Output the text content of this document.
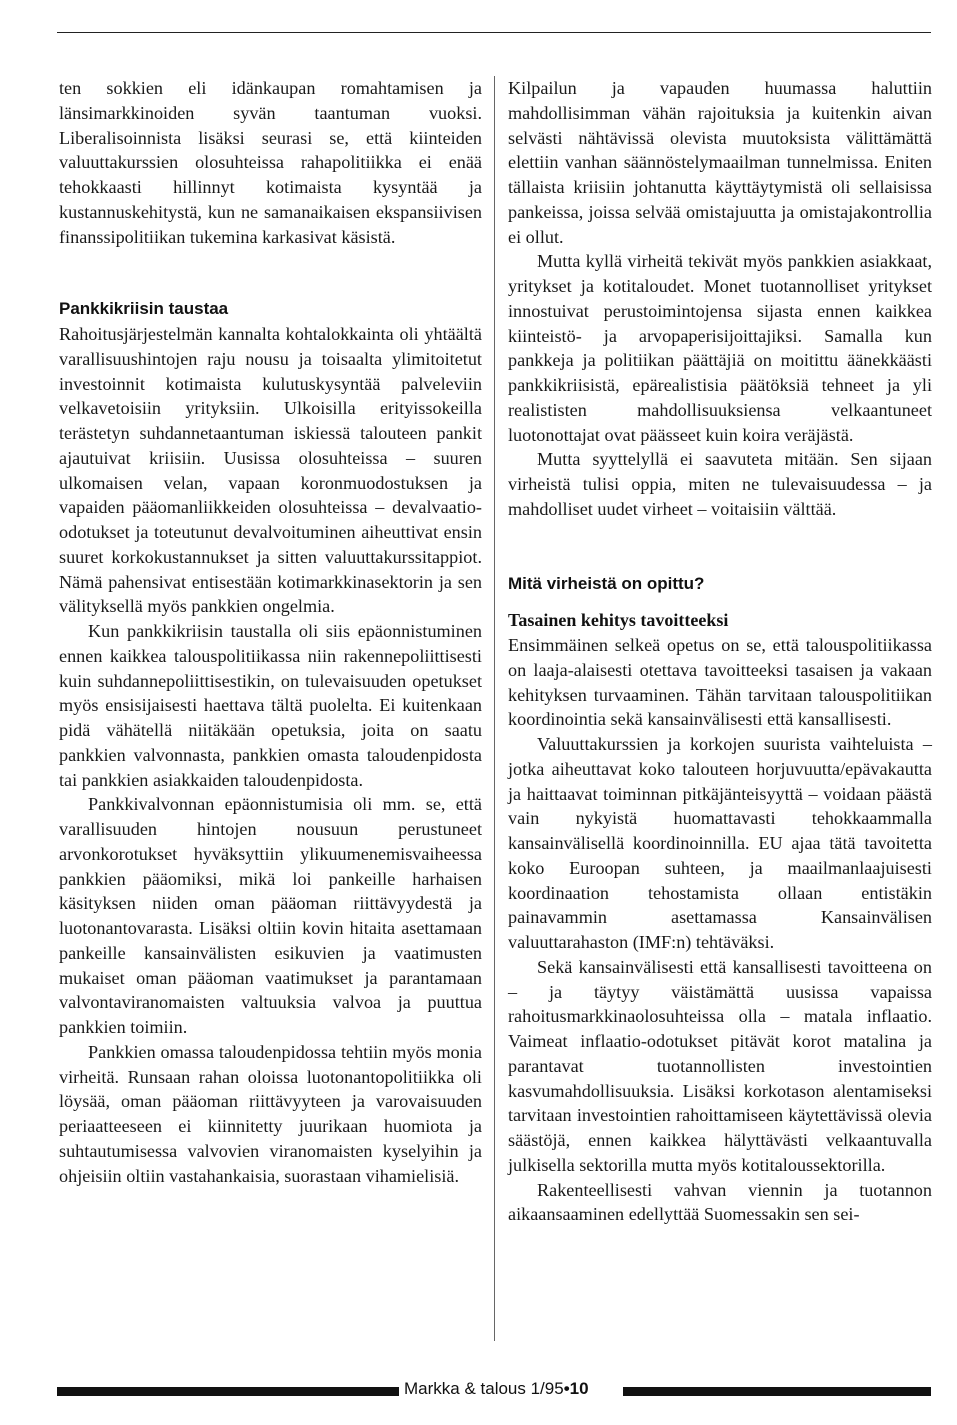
ten sokkien eli idänkaupan romahtamisen ja länsimarkkinoiden syvän taantuman vuoksi. Liberalisoinnista lisäksi seurasi se, että kiinteiden valuuttakurssien olosuhteissa rahapolitiikka ei enää tehokkaasti hillinnyt kotimaista kysyntää ja kustannuskehitystä, kun ne samanaikaisen ekspansiivisen finanssipolitiikan tukemina karkasivat käsistä.

Pankkikriisin taustaa

Rahoitusjärjestelmän kannalta kohtalokkainta oli yhtäältä varallisuushintojen raju nousu ja toisaalta ylimitoitetut investoinnit kotimaista kulutuskysyntää palveleviin velkavetoisiin yrityksiin. Ulkoisilla erityissokeilla terästetyn suhdannetaantuman iskiessä talouteen pankit ajautuivat kriisiin. Uusissa olosuhteissa – suuren ulkomaisen velan, vapaan koronmuodostuksen ja vapaiden pääomanliikkeiden olosuhteissa – devalvaatio-odotukset ja toteutunut devalvoituminen aiheuttivat ensin suuret korkokustannukset ja sitten valuuttakurssitappiot. Nämä pahensivat entisestään kotimarkkinasektorin ja sen välityksellä myös pankkien ongelmia.

Kun pankkikriisin taustalla oli siis epäonnistuminen ennen kaikkea talouspolitiikassa niin rakennepoliittisesti kuin suhdannepoliittisestikin, on tulevaisuuden opetukset myös ensisijaisesti haettava tältä puolelta. Ei kuitenkaan pidä vähätellä niitäkään opetuksia, joita on saatu pankkien valvonnasta, pankkien omasta taloudenpidosta tai pankkien asiakkaiden taloudenpidosta.

Pankkivalvonnan epäonnistumisia oli mm. se, että varallisuuden hintojen nousuun perustuneet arvonkorotukset hyväksyttiin ylikuumenemisvaiheessa pankkien pääomiksi, mikä loi pankeille harhaisen käsityksen niiden oman pääoman riittävyydestä ja luotonantovarasta. Lisäksi oltiin kovin hitaita asettamaan pankeille kansainvälisten esikuvien ja vaatimusten mukaiset oman pääoman vaatimukset ja parantamaan valvontaviranomaisten valtuuksia valvoa ja puuttua pankkien toimiin.

Pankkien omassa taloudenpidossa tehtiin myös monia virheitä. Runsaan rahan oloissa luotonantopolitiikka oli löysää, oman pääoman riittävyyteen ja varovaisuuden periaatteeseen ei kiinnitetty juurikaan huomiota ja suhtautumisessa valvovien viranomaisten kyselyihin ja ohjeisiin oltiin vastahankaisia, suorastaan vihamielisiä.

Kilpailun ja vapauden huumassa haluttiin mahdollisimman vähän rajoituksia ja kuitenkin aivan selvästi nähtävissä olevista muutoksista välittämättä elettiin vanhan säännöstelymaailman tunnelmissa. Eniten tällaista kriisiin johtanutta käyttäytymistä oli sellaisissa pankeissa, joissa selvää omistajuutta ja omistajakontrollia ei ollut.

Mutta kyllä virheitä tekivät myös pankkien asiakkaat, yritykset ja kotitaloudet. Monet tuotannolliset yritykset innostuivat perustoimintojensa sijasta ennen kaikkea kiinteistö- ja arvopaperisijoittajiksi. Samalla kun pankkeja ja politiikan päättäjiä on moitittu äänekkäästi pankkikriisistä, epärealistisia päätöksiä tehneet ja yli realististen mahdollisuuksiensa velkaantuneet luotonottajat ovat päässeet kuin koira veräjästä.

Mutta syyttelyllä ei saavuteta mitään. Sen sijaan virheistä tulisi oppia, miten ne tulevaisuudessa – ja mahdolliset uudet virheet – voitaisiin välttää.

Mitä virheistä on opittu?
Tasainen kehitys tavoitteeksi

Ensimmäinen selkeä opetus on se, että talouspolitiikassa on laaja-alaisesti otettava tavoitteeksi tasaisen ja vakaan kehityksen turvaaminen. Tähän tarvitaan talouspolitiikan koordinointia sekä kansainvälisesti että kansallisesti.

Valuuttakurssien ja korkojen suurista vaihteluista – jotka aiheuttavat koko talouteen horjuvuutta/epävakautta ja haittaavat toiminnan pitkäjänteisyyttä – voidaan päästä vain nykyistä huomattavasti tehokkaammalla kansainvälisellä koordinoinnilla. EU ajaa tätä tavoitetta koko Euroopan suhteen, ja maailmanlaajuisesti koordinaation tehostamista ollaan entistäkin painavammin asettamassa Kansainvälisen valuuttarahaston (IMF:n) tehtäväksi.

Sekä kansainvälisesti että kansallisesti tavoitteena on – ja täytyy väistämättä uusissa vapaissa rahoitusmarkkinaolosuhteissa olla – matala inflaatio. Vaimeat inflaatio-odotukset pitävät korot matalina ja parantavat tuotannollisten investointien kasvumahdollisuuksia. Lisäksi korkotason alentamiseksi tarvitaan investointien rahoittamiseen käytettävissä olevia säästöjä, ennen kaikkea hälyttävästi velkaantuvalla julkisella sektorilla mutta myös kotitaloussektorilla.

Rakenteellisesti vahvan viennin ja tuotannon aikaansaaminen edellyttää Suomessakin sen sei-

Markka & talous 1/95•10
